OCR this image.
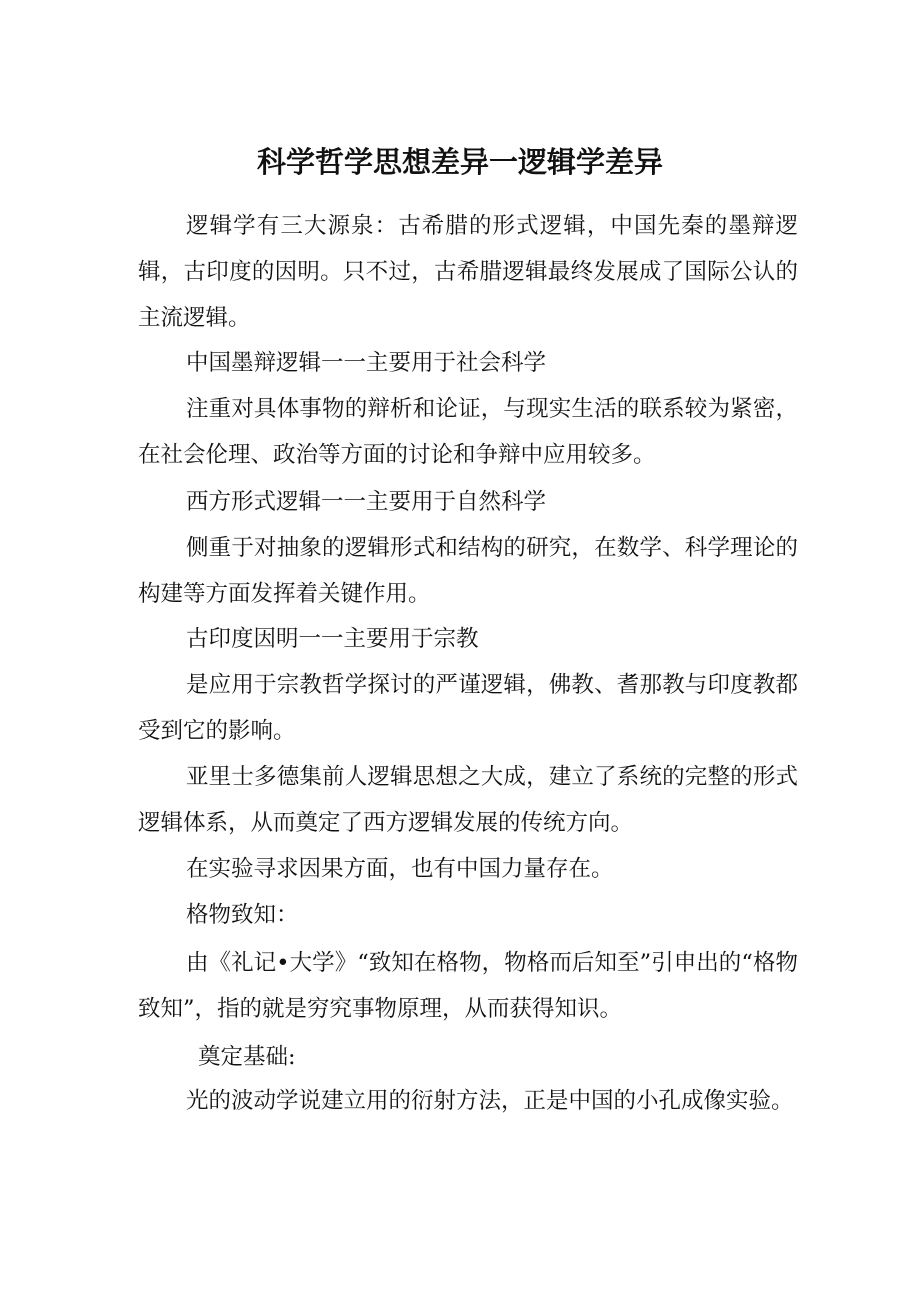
科学哲学思想差异一逻辑学差异
逻辑学有三大源泉：古希腊的形式逻辑，中国先秦的墨辩逻辑，古印度的因明。只不过，古希腊逻辑最终发展成了国际公认的主流逻辑。
中国墨辩逻辑一一主要用于社会科学
注重对具体事物的辩析和论证，与现实生活的联系较为紧密，在社会伦理、政治等方面的讨论和争辩中应用较多。
西方形式逻辑一一主要用于自然科学
侧重于对抽象的逻辑形式和结构的研究，在数学、科学理论的构建等方面发挥着关键作用。
古印度因明一一主要用于宗教
是应用于宗教哲学探讨的严谨逻辑，佛教、耆那教与印度教都受到它的影响。
亚里士多德集前人逻辑思想之大成，建立了系统的完整的形式逻辑体系，从而奠定了西方逻辑发展的传统方向。
在实验寻求因果方面，也有中国力量存在。
格物致知：
由《礼记•大学》“致知在格物，物格而后知至”引申出的“格物致知”，指的就是穷究事物原理，从而获得知识。
奠定基础:
光的波动学说建立用的衍射方法，正是中国的小孔成像实验。
